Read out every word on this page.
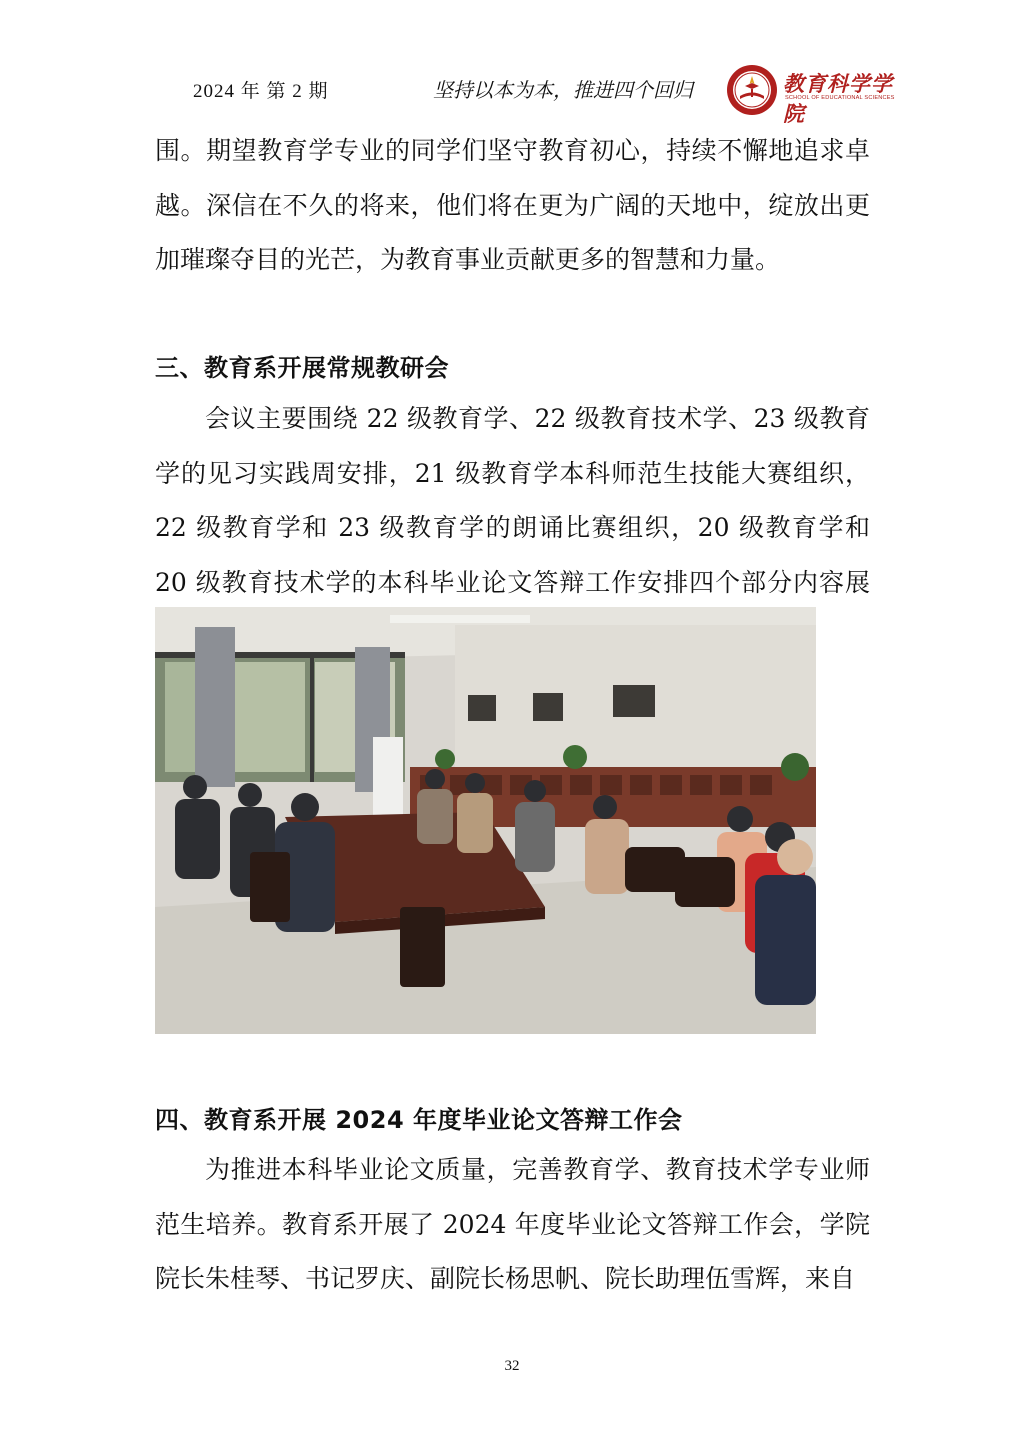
2024 年 第 2 期	坚持以本为本，推进四个回归	教育科学学院
SCHOOL OF EDUCATIONAL SCIENCES

围。期望教育学专业的同学们坚守教育初心，持续不懈地追求卓越。深信在不久的将来，他们将在更为广阔的天地中，绽放出更加璀璨夺目的光芒，为教育事业贡献更多的智慧和力量。

三、教育系开展常规教研会

会议主要围绕 22 级教育学、22 级教育技术学、23 级教育学的见习实践周安排，21 级教育学本科师范生技能大赛组织，22 级教育学和 23 级教育学的朗诵比赛组织，20 级教育学和 20 级教育技术学的本科毕业论文答辩工作安排四个部分内容展

四、教育系开展 2024 年度毕业论文答辩工作会

为推进本科毕业论文质量，完善教育学、教育技术学专业师范生培养。教育系开展了 2024 年度毕业论文答辩工作会，学院院长朱桂琴、书记罗庆、副院长杨思帆、院长助理伍雪辉，来自

32
